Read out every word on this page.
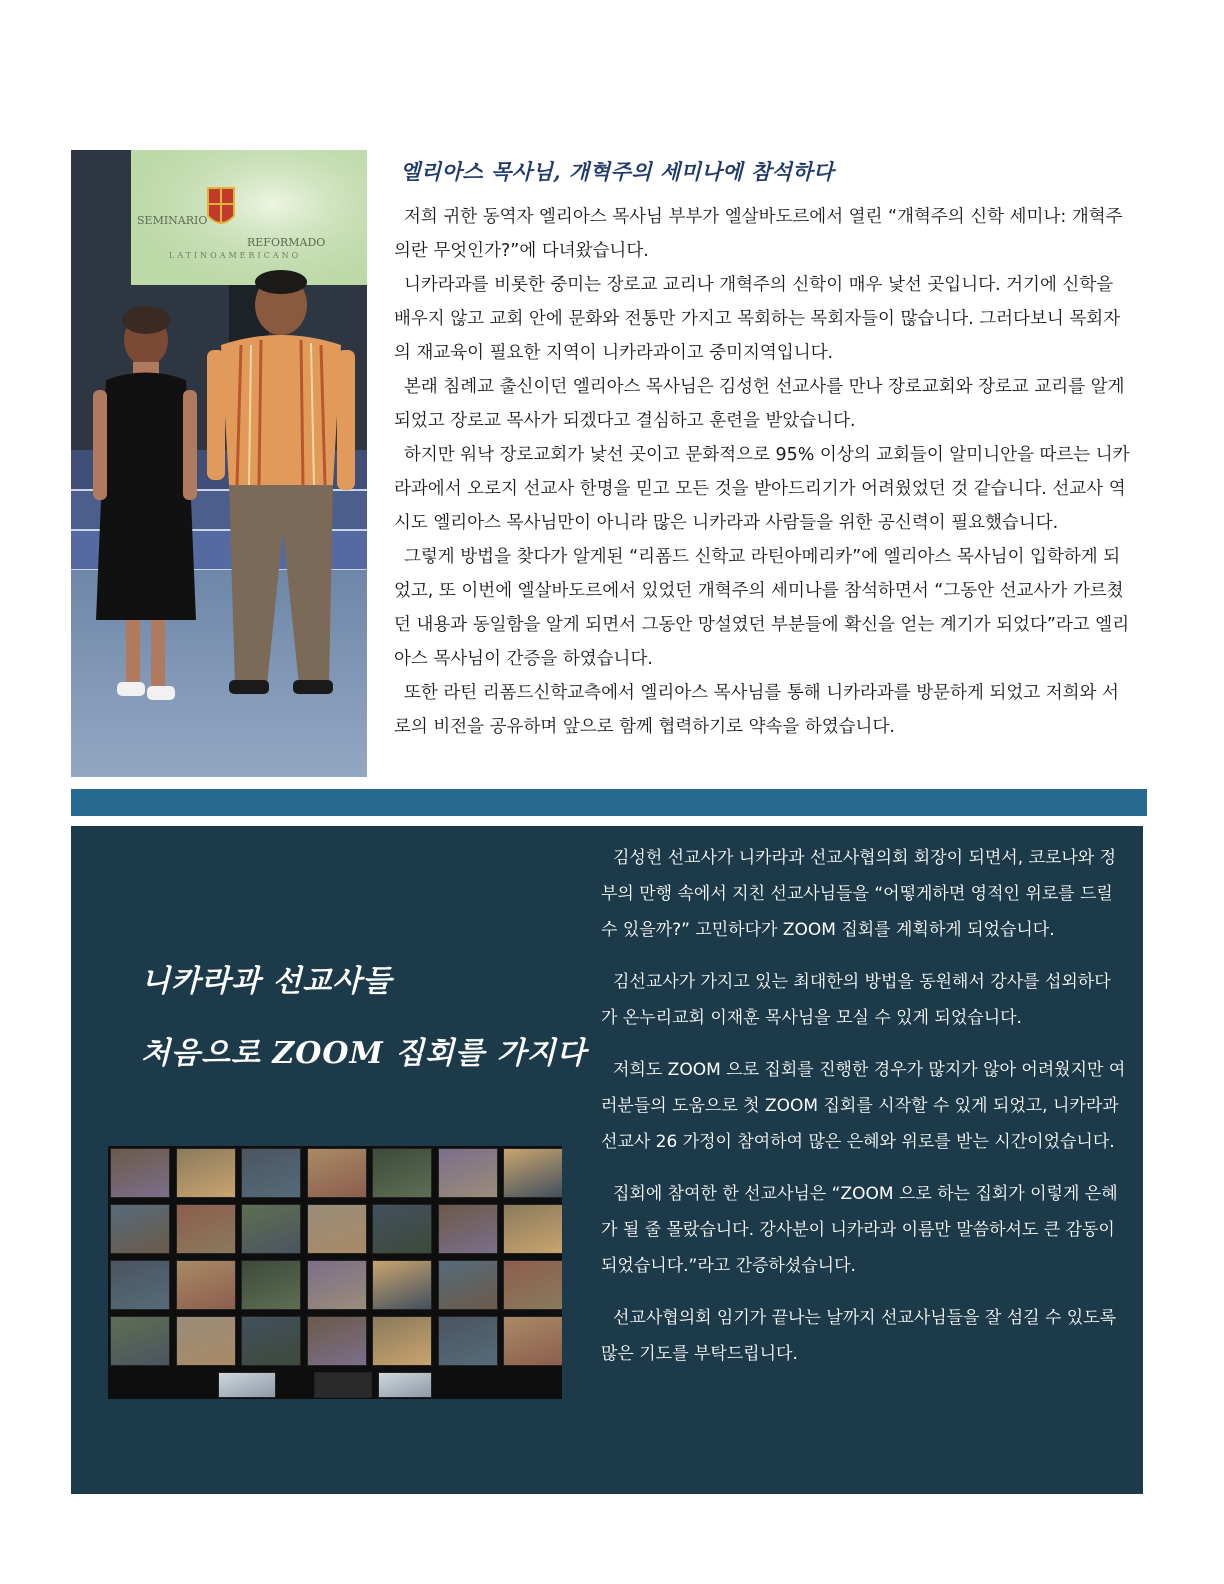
SEMINARIO
REFORMADO
LATINOAMERICANO
엘리아스 목사님, 개혁주의 세미나에 참석하다

저희 귀한 동역자 엘리아스 목사님 부부가 엘살바도르에서 열린 “개혁주의 신학 세미나: 개혁주의란 무엇인가?”에 다녀왔습니다.

니카라과를 비롯한 중미는 장로교 교리나 개혁주의 신학이 매우 낯선 곳입니다. 거기에 신학을 배우지 않고 교회 안에 문화와 전통만 가지고 목회하는 목회자들이 많습니다. 그러다보니 목회자의 재교육이 필요한 지역이 니카라과이고 중미지역입니다.

본래 침례교 출신이던 엘리아스 목사님은 김성헌 선교사를 만나 장로교회와 장로교 교리를 알게 되었고 장로교 목사가 되겠다고 결심하고 훈련을 받았습니다.

하지만 워낙 장로교회가 낯선 곳이고 문화적으로 95% 이상의 교회들이 알미니안을 따르는 니카라과에서 오로지 선교사 한명을 믿고 모든 것을 받아드리기가 어려웠었던 것 같습니다. 선교사 역시도 엘리아스 목사님만이 아니라 많은 니카라과 사람들을 위한 공신력이 필요했습니다.

그렇게 방법을 찾다가 알게된 “리폼드 신학교 라틴아메리카”에 엘리아스 목사님이 입학하게 되었고, 또 이번에 엘살바도르에서 있었던 개혁주의 세미나를 참석하면서 “그동안 선교사가 가르쳤던 내용과 동일함을 알게 되면서 그동안 망설였던 부분들에 확신을 얻는 계기가 되었다”라고 엘리아스 목사님이 간증을 하였습니다.

또한 라틴 리폼드신학교측에서 엘리아스 목사님를 통해 니카라과를 방문하게 되었고 저희와 서로의 비전을 공유하며 앞으로 함께 협력하기로 약속을 하였습니다.

니카라과 선교사들
처음으로 ZOOM 집회를 가지다

김성헌 선교사가 니카라과 선교사협의회 회장이 되면서, 코로나와 정부의 만행 속에서 지친 선교사님들을 “어떻게하면 영적인 위로를 드릴 수 있을까?” 고민하다가 ZOOM 집회를 계획하게 되었습니다.

김선교사가 가지고 있는 최대한의 방법을 동원해서 강사를 섭외하다가 온누리교회 이재훈 목사님을 모실 수 있게 되었습니다.

저희도 ZOOM 으로 집회를 진행한 경우가 많지가 않아 어려웠지만 여러분들의 도움으로 첫 ZOOM 집회를 시작할 수 있게 되었고, 니카라과 선교사 26 가정이 참여하여 많은 은혜와 위로를 받는 시간이었습니다.

집회에 참여한 한 선교사님은 “ZOOM 으로 하는 집회가 이렇게 은혜가 될 줄 몰랐습니다. 강사분이 니카라과 이름만 말씀하셔도 큰 감동이 되었습니다.”라고 간증하셨습니다.

선교사협의회 임기가 끝나는 날까지 선교사님들을 잘 섬길 수 있도록 많은 기도를 부탁드립니다.
